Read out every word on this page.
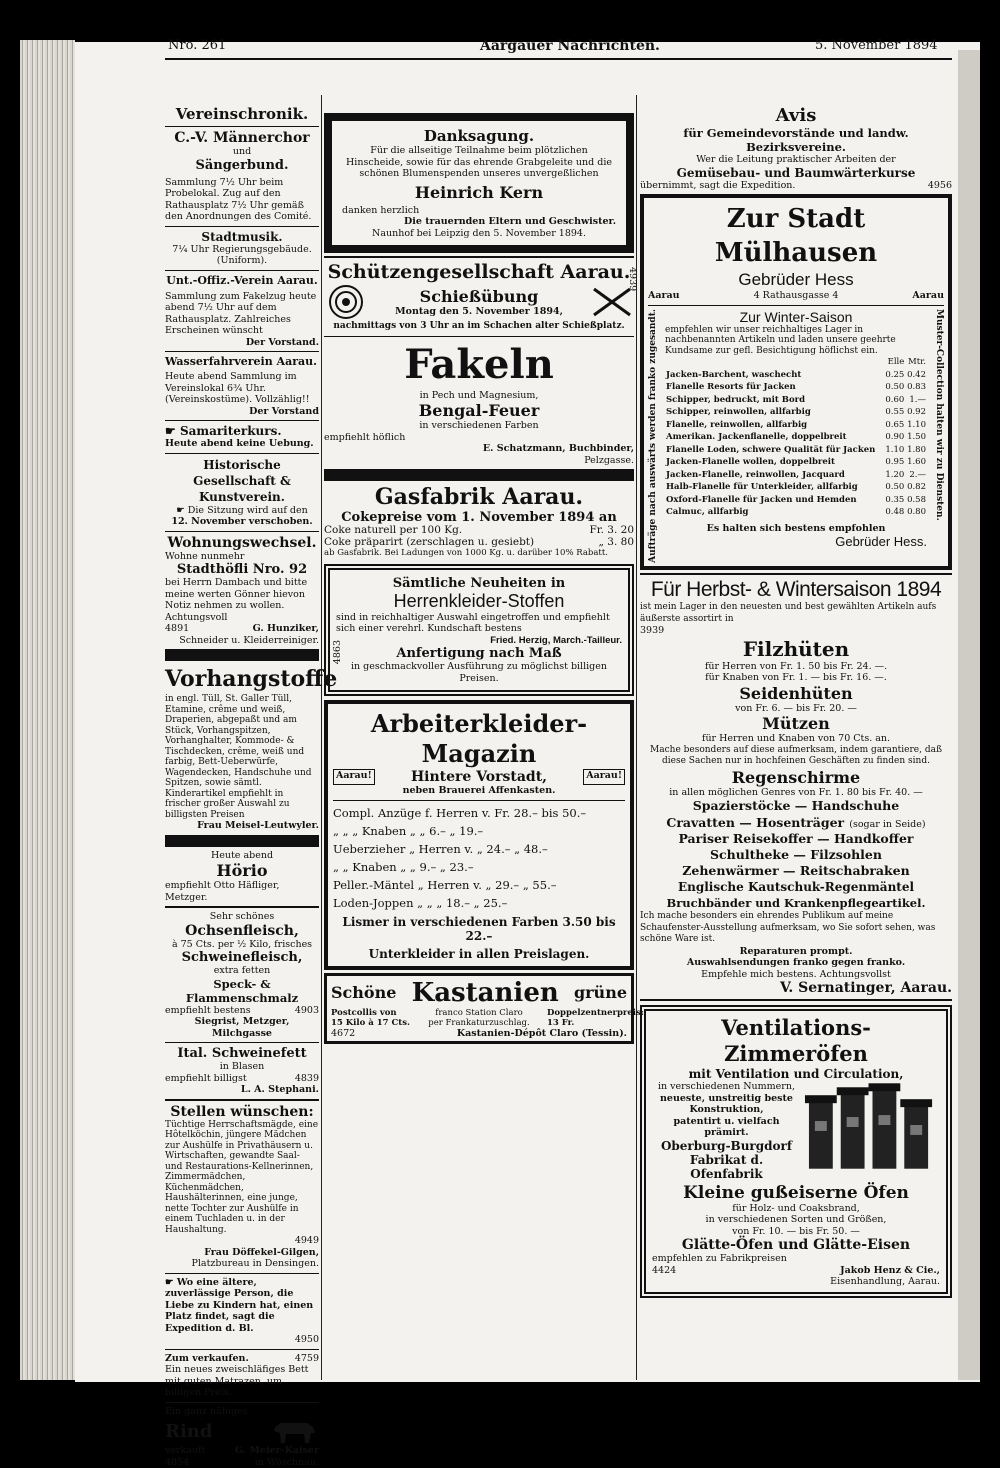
Nro. 261	Aargauer Nachrichten.	5. November 1894
Vereinschronik.
C.-V. Männerchor
und
Sängerbund.
Sammlung 7½ Uhr beim Probelokal. Zug auf den Rathausplatz 7½ Uhr gemäß den Anordnungen des Comité.
Stadtmusik.
7¼ Uhr Regierungsgebäude. (Uniform).
Unt.-Offiz.-Verein Aarau.
Sammlung zum Fakelzug heute abend 7½ Uhr auf dem Rathausplatz. Zahlreiches Erscheinen wünscht
Der Vorstand.
Wasserfahrverein Aarau.
Heute abend Sammlung im Vereinslokal 6¾ Uhr. (Vereinskostüme). Vollzählig!!
Der Vorstand
☛ Samariterkurs.
Heute abend keine Uebung.
Historische Gesellschaft & Kunstverein.
☛ Die Sitzung wird auf den
12. November verschoben.
Wohnungswechsel.
Wohne nunmehr
Stadthöfli Nro. 92
bei Herrn Dambach und bitte meine werten Gönner hievon Notiz nehmen zu wollen.
Achtungsvoll
4891	G. Hunziker,
Schneider u. Kleiderreiniger.
Vorhangstoffe
in engl. Tüll, St. Galler Tüll, Etamine, crême und weiß, Draperien, abgepaßt und am Stück, Vorhangspitzen, Vorhanghalter, Kommode- & Tischdecken, crême, weiß und farbig, Bett-Ueberwürfe, Wagendecken, Handschuhe und Spitzen, sowie sämtl. Kinderartikel empfiehlt in frischer großer Auswahl zu billigsten Preisen
Frau Meisel-Leutwyler.
Heute abend
Hörio
empfiehlt Otto Häfliger, Metzger.
Sehr schönes
Ochsenfleisch,
à 75 Cts. per ½ Kilo, frisches
Schweinefleisch,
extra fetten
Speck- & Flammenschmalz
empfiehlt bestens	4903
Siegrist, Metzger, Milchgasse
Ital. Schweinefett
in Blasen
empfiehlt billigst	4839
L. A. Stephani.
Stellen wünschen:
Tüchtige Herrschaftsmägde, eine Hôtelköchin, jüngere Mädchen zur Aushülfe in Privathäusern u. Wirtschaften, gewandte Saal- und Restaurations-Kellnerinnen, Zimmermädchen, Küchenmädchen, Haushälterinnen, eine junge, nette Tochter zur Aushülfe in einem Tuchladen u. in der Haushaltung.
4949
Frau Döffekel-Gilgen,
Platzbureau in Densingen.
☛ Wo eine ältere, zuverlässige Person, die Liebe zu Kindern hat, einen Platz findet, sagt die Expedition d. Bl.
4950
Zum verkaufen.	4759
Ein neues zweischläfiges Bett mit guten Matrazen, um billigen Preis.
Ein ganz nähiges
Rind
verkauft	G. Meier-Kaiser
4854	in Wöschnau.
Danksagung.
Für die allseitige Teilnahme beim plötzlichen Hinscheide, sowie für das ehrende Grabgeleite und die schönen Blumenspenden unseres unvergeßlichen
Heinrich Kern
danken herzlich
Die trauernden Eltern und Geschwister.
Naunhof bei Leipzig den 5. November 1894.
Schützengesellschaft Aarau.
4939
Schießübung
Montag den 5. November 1894,
nachmittags von 3 Uhr an im Schachen alter Schießplatz.
Fakeln
in Pech und Magnesium,
Bengal-Feuer
in verschiedenen Farben
empfiehlt höflich
E. Schatzmann, Buchbinder,
Pelzgasse.
Gasfabrik Aarau.
Cokepreise vom 1. November 1894 an
Coke naturell per 100 Kg.	Fr. 3. 20
Coke präparirt (zerschlagen u. gesiebt)	„ 3. 80
ab Gasfabrik. Bei Ladungen von 1000 Kg. u. darüber 10% Rabatt.
Sämtliche Neuheiten in
Herrenkleider-Stoffen
sind in reichhaltiger Auswahl eingetroffen und empfiehlt sich einer verehrl. Kundschaft bestens
Fried. Herzig, March.-Tailleur.
4863	Anfertigung nach Maß
in geschmackvoller Ausführung zu möglichst billigen Preisen.
Arbeiterkleider-Magazin
Aarau!	Hintere Vorstadt,	Aarau!
neben Brauerei Affenkasten.
Compl. Anzüge f. Herren v. Fr. 28.– bis 50.–
„ „ „ Knaben „ „ 6.– „ 19.–
Ueberzieher „ Herren v. „ 24.– „ 48.–
„ „ Knaben „ „ 9.– „ 23.–
Peller.-Mäntel „ Herren v. „ 29.– „ 55.–
Loden-Joppen „ „ „ 18.– „ 25.–
Lismer in verschiedenen Farben 3.50 bis 22.–
Unterkleider in allen Preislagen.
Schöne Kastanien grüne
Postcollis von 15 Kilo à 17 Cts.
franco Station Claro
per Frankaturzuschlag.
Doppelzentnerpreis: 13 Fr.
4672	Kastanien-Dépôt Claro (Tessin).
Avis
für Gemeindevorstände und landw. Bezirksvereine.
Wer die Leitung praktischer Arbeiten der
Gemüsebau- und Baumwärterkurse
übernimmt, sagt die Expedition.	4956
Zur Stadt Mülhausen
Gebrüder Hess
Aarau	4 Rathausgasse 4	Aarau
Aufträge nach auswärts werden franko zugesandt.	Zur Winter-Saison
empfehlen wir unser reichhaltiges Lager in nachbenannten Artikeln und laden unsere geehrte Kundsame zur gefl. Besichtigung höflichst ein.
	Elle	Mtr.
Jacken-Barchent, waschecht	0.25	0.42
Flanelle Resorts für Jacken	0.50	0.83
Schipper, bedruckt, mit Bord	0.60	1.—
Schipper, reinwollen, allfarbig	0.55	0.92
Flanelle, reinwollen, allfarbig	0.65	1.10
Amerikan. Jackenflanelle, doppelbreit	0.90	1.50
Flanelle Loden, schwere Qualität für Jacken	1.10	1.80
Jacken-Flanelle wollen, doppelbreit	0.95	1.60
Jacken-Flanelle, reinwollen, Jacquard	1.20	2.—
Halb-Flanelle für Unterkleider, allfarbig	0.50	0.82
Oxford-Flanelle für Jacken und Hemden	0.35	0.58
Calmuc, allfarbig	0.48	0.80
Es halten sich bestens empfohlen
Gebrüder Hess.
Muster-Collection halten wir zu Diensten.
Für Herbst- & Wintersaison 1894
ist mein Lager in den neuesten und best gewählten Artikeln aufs äußerste assortirt in
3939
Filzhüten
für Herren von Fr. 1. 50 bis Fr. 24. —.
für Knaben von Fr. 1. — bis Fr. 16. —.
Seidenhüten
von Fr. 6. — bis Fr. 20. —
Mützen
für Herren und Knaben von 70 Cts. an.
Mache besonders auf diese aufmerksam, indem garantiere, daß diese Sachen nur in hochfeinen Geschäften zu finden sind.
Regenschirme
in allen möglichen Genres von Fr. 1. 80 bis Fr. 40. —
Spazierstöcke — Handschuhe
Cravatten — Hosenträger (sogar in Seide)
Pariser Reisekoffer — Handkoffer
Schultheke — Filzsohlen
Zehenwärmer — Reitschabraken
Englische Kautschuk-Regenmäntel
Bruchbänder und Krankenpflegeartikel.
Ich mache besonders ein ehrendes Publikum auf meine Schaufenster-Ausstellung aufmerksam, wo Sie sofort sehen, was schöne Ware ist.
Reparaturen prompt.
Auswahlsendungen franko gegen franko.
Empfehle mich bestens. Achtungsvollst
V. Sernatinger, Aarau.
Ventilations-Zimmeröfen
mit Ventilation und Circulation,
in verschiedenen Nummern,
neueste, unstreitig beste
Konstruktion,
patentirt u. vielfach prämirt.
Oberburg-Burgdorf
Fabrikat d. Ofenfabrik
Kleine gußeiserne Öfen
für Holz- und Coaksbrand,
in verschiedenen Sorten und Größen,
von Fr. 10. — bis Fr. 50. —
Glätte-Öfen und Glätte-Eisen
empfehlen zu Fabrikpreisen
4424	Jakob Henz & Cie.,
Eisenhandlung, Aarau.
